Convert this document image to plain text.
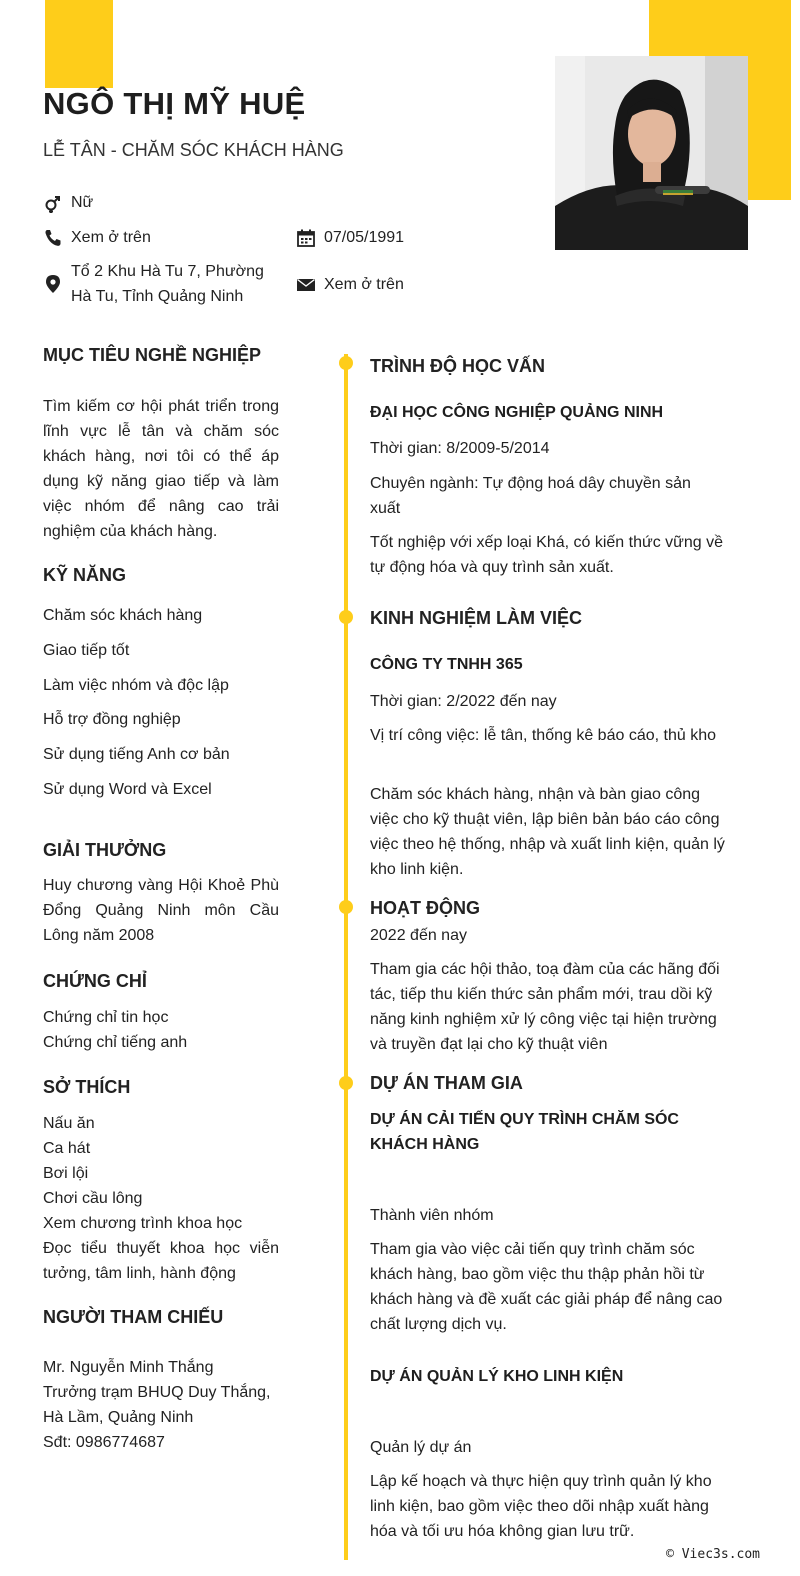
NGÔ THỊ MỸ HUỆ
LỄ TÂN - CHĂM SÓC KHÁCH HÀNG
Nữ
Xem ở trên	07/05/1991
Tổ 2 Khu Hà Tu 7, Phường
Hà Tu, Tỉnh Quảng Ninh
Xem ở trên
MỤC TIÊU NGHỀ NGHIỆP
Tìm kiếm cơ hội phát triển trong lĩnh vực lễ tân và chăm sóc khách hàng, nơi tôi có thể áp dụng kỹ năng giao tiếp và làm việc nhóm để nâng cao trải nghiệm của khách hàng.
KỸ NĂNG
Chăm sóc khách hàng
Giao tiếp tốt
Làm việc nhóm và độc lập
Hỗ trợ đồng nghiệp
Sử dụng tiếng Anh cơ bản
Sử dụng Word và Excel
GIẢI THƯỞNG
Huy chương vàng Hội Khoẻ Phù Đổng Quảng Ninh môn Cầu Lông năm 2008
CHỨNG CHỈ
Chứng chỉ tin học
Chứng chỉ tiếng anh
SỞ THÍCH
Nấu ăn
Ca hát
Bơi lội
Chơi cầu lông
Xem chương trình khoa học
Đọc tiểu thuyết khoa học viễn tưởng, tâm linh, hành động
NGƯỜI THAM CHIẾU
Mr. Nguyễn Minh Thắng
Trưởng trạm BHUQ Duy Thắng,
Hà Lầm, Quảng Ninh
Sđt: 0986774687
TRÌNH ĐỘ HỌC VẤN
ĐẠI HỌC CÔNG NGHIỆP QUẢNG NINH
Thời gian: 8/2009-5/2014
Chuyên ngành: Tự động hoá dây chuyền sản xuất
Tốt nghiệp với xếp loại Khá, có kiến thức vững về tự động hóa và quy trình sản xuất.
KINH NGHIỆM LÀM VIỆC
CÔNG TY TNHH 365
Thời gian: 2/2022 đến nay
Vị trí công việc: lễ tân, thống kê báo cáo, thủ kho
Chăm sóc khách hàng, nhận và bàn giao công việc cho kỹ thuật viên, lập biên bản báo cáo công việc theo hệ thống, nhập và xuất linh kiện, quản lý kho linh kiện.
HOẠT ĐỘNG
2022 đến nay
Tham gia các hội thảo, toạ đàm của các hãng đối tác, tiếp thu kiến thức sản phẩm mới, trau dồi kỹ năng kinh nghiệm xử lý công việc tại hiện trường và truyền đạt lại cho kỹ thuật viên
DỰ ÁN THAM GIA
DỰ ÁN CẢI TIẾN QUY TRÌNH CHĂM SÓC KHÁCH HÀNG
Thành viên nhóm
Tham gia vào việc cải tiến quy trình chăm sóc khách hàng, bao gồm việc thu thập phản hồi từ khách hàng và đề xuất các giải pháp để nâng cao chất lượng dịch vụ.
DỰ ÁN QUẢN LÝ KHO LINH KIỆN
Quản lý dự án
Lập kế hoạch và thực hiện quy trình quản lý kho linh kiện, bao gồm việc theo dõi nhập xuất hàng hóa và tối ưu hóa không gian lưu trữ.
© Viec3s.com
